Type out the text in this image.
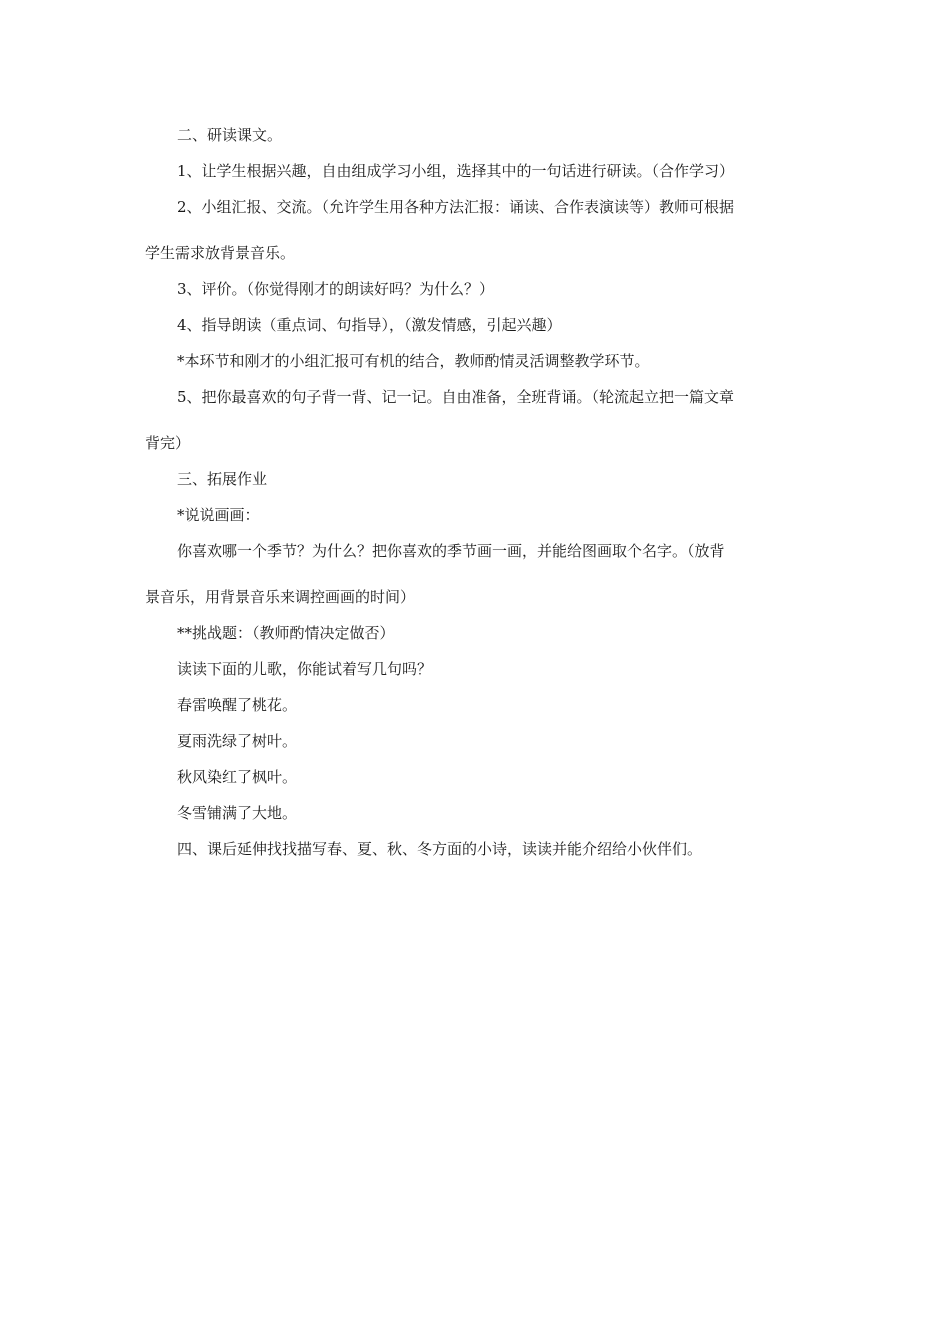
二、研读课文。

1、让学生根据兴趣，自由组成学习小组，选择其中的一句话进行研读。（合作学习）

2、小组汇报、交流。（允许学生用各种方法汇报：诵读、合作表演读等）教师可根据

学生需求放背景音乐。

3、评价。（你觉得刚才的朗读好吗？为什么？）

4、指导朗读（重点词、句指导），（激发情感，引起兴趣）

*本环节和刚才的小组汇报可有机的结合，教师酌情灵活调整教学环节。

5、把你最喜欢的句子背一背、记一记。自由准备，全班背诵。（轮流起立把一篇文章

背完）

三、拓展作业

*说说画画：

你喜欢哪一个季节？为什么？把你喜欢的季节画一画，并能给图画取个名字。（放背

景音乐，用背景音乐来调控画画的时间）

**挑战题：（教师酌情决定做否）

读读下面的儿歌，你能试着写几句吗？

春雷唤醒了桃花。

夏雨洗绿了树叶。

秋风染红了枫叶。

冬雪铺满了大地。

四、课后延伸找找描写春、夏、秋、冬方面的小诗，读读并能介绍给小伙伴们。
